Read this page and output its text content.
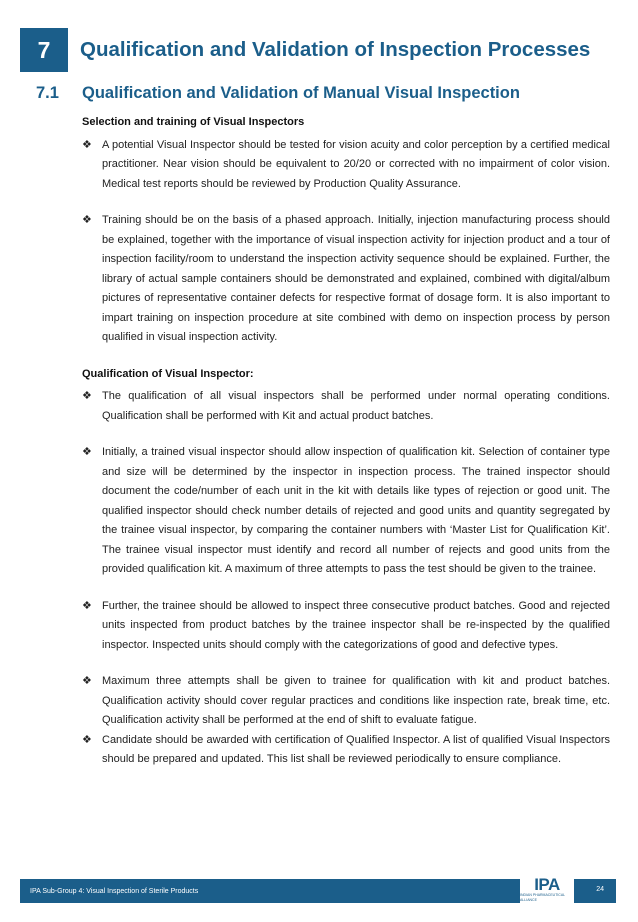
7	Qualification and Validation of Inspection Processes
7.1	Qualification and Validation of Manual Visual Inspection

Selection and training of Visual Inspectors

❖ A potential Visual Inspector should be tested for vision acuity and color perception by a certified medical practitioner. Near vision should be equivalent to 20/20 or corrected with no impairment of color vision. Medical test reports should be reviewed by Production Quality Assurance.
❖ Training should be on the basis of a phased approach. Initially, injection manufacturing process should be explained, together with the importance of visual inspection activity for injection product and a tour of inspection facility/room to understand the inspection activity sequence should be explained. Further, the library of actual sample containers should be demonstrated and explained, combined with digital/album pictures of representative container defects for respective format of dosage form. It is also important to impart training on inspection procedure at site combined with demo on inspection process by person qualified in visual inspection activity.

Qualification of Visual Inspector:

❖ The qualification of all visual inspectors shall be performed under normal operating conditions. Qualification shall be performed with Kit and actual product batches.
❖ Initially, a trained visual inspector should allow inspection of qualification kit. Selection of container type and size will be determined by the inspector in inspection process. The trained inspector should document the code/number of each unit in the kit with details like types of rejection or good unit. The qualified inspector should check number details of rejected and good units and quantity segregated by the trainee visual inspector, by comparing the container numbers with ‘Master List for Qualification Kit’. The trainee visual inspector must identify and record all number of rejects and good units from the provided qualification kit. A maximum of three attempts to pass the test should be given to the trainee.
❖ Further, the trainee should be allowed to inspect three consecutive product batches. Good and rejected units inspected from product batches by the trainee inspector shall be re-inspected by the qualified inspector. Inspected units should comply with the categorizations of good and defective types.
❖ Maximum three attempts shall be given to trainee for qualification with kit and product batches. Qualification activity should cover regular practices and conditions like inspection rate, break time, etc. Qualification activity shall be performed at the end of shift to evaluate fatigue.
❖ Candidate should be awarded with certification of Qualified Inspector. A list of qualified Visual Inspectors should be prepared and updated. This list shall be reviewed periodically to ensure compliance.
IPA Sub-Group 4: Visual Inspection of Sterile Products	IPA
INDIAN PHARMACEUTICAL ALLIANCE
24
